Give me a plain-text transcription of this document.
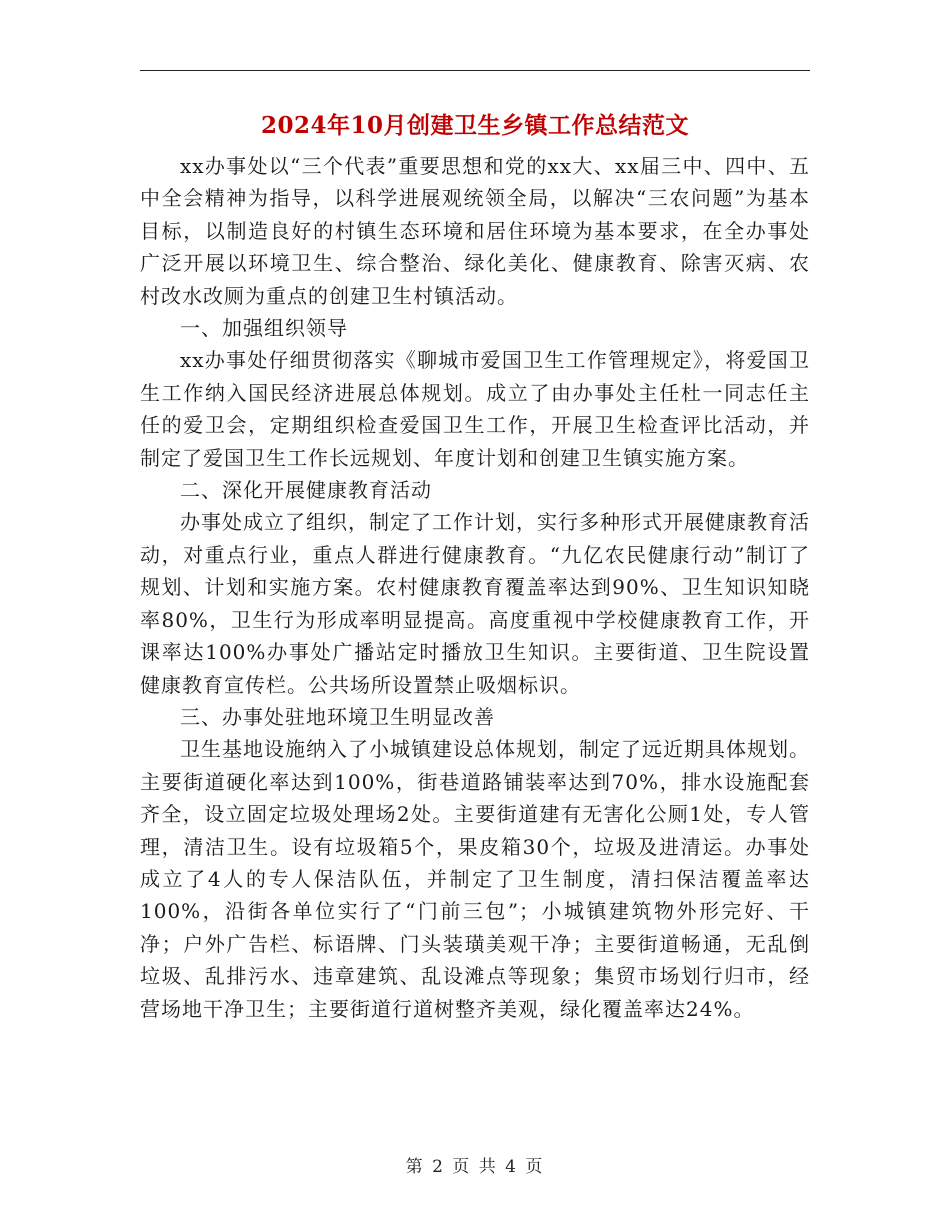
2024年10月创建卫生乡镇工作总结范文

xx办事处以“三个代表”重要思想和党的xx大、xx届三中、四中、五中全会精神为指导，以科学进展观统领全局，以解决“三农问题”为基本目标，以制造良好的村镇生态环境和居住环境为基本要求，在全办事处广泛开展以环境卫生、综合整治、绿化美化、健康教育、除害灭病、农村改水改厕为重点的创建卫生村镇活动。

一、加强组织领导

xx办事处仔细贯彻落实《聊城市爱国卫生工作管理规定》，将爱国卫生工作纳入国民经济进展总体规划。成立了由办事处主任杜一同志任主任的爱卫会，定期组织检查爱国卫生工作，开展卫生检查评比活动，并制定了爱国卫生工作长远规划、年度计划和创建卫生镇实施方案。

二、深化开展健康教育活动

办事处成立了组织，制定了工作计划，实行多种形式开展健康教育活动，对重点行业，重点人群进行健康教育。“九亿农民健康行动”制订了规划、计划和实施方案。农村健康教育覆盖率达到90%、卫生知识知晓率80%，卫生行为形成率明显提高。高度重视中学校健康教育工作，开课率达100%办事处广播站定时播放卫生知识。主要街道、卫生院设置健康教育宣传栏。公共场所设置禁止吸烟标识。

三、办事处驻地环境卫生明显改善

卫生基地设施纳入了小城镇建设总体规划，制定了远近期具体规划。主要街道硬化率达到100%，街巷道路铺装率达到70%，排水设施配套齐全，设立固定垃圾处理场2处。主要街道建有无害化公厕1处，专人管理，清洁卫生。设有垃圾箱5个，果皮箱30个，垃圾及进清运。办事处成立了4人的专人保洁队伍，并制定了卫生制度，清扫保洁覆盖率达100%，沿街各单位实行了“门前三包”；小城镇建筑物外形完好、干净；户外广告栏、标语牌、门头装璜美观干净；主要街道畅通，无乱倒垃圾、乱排污水、违章建筑、乱设滩点等现象；集贸市场划行归市，经营场地干净卫生；主要街道行道树整齐美观，绿化覆盖率达24%。

第 2 页 共 4 页
